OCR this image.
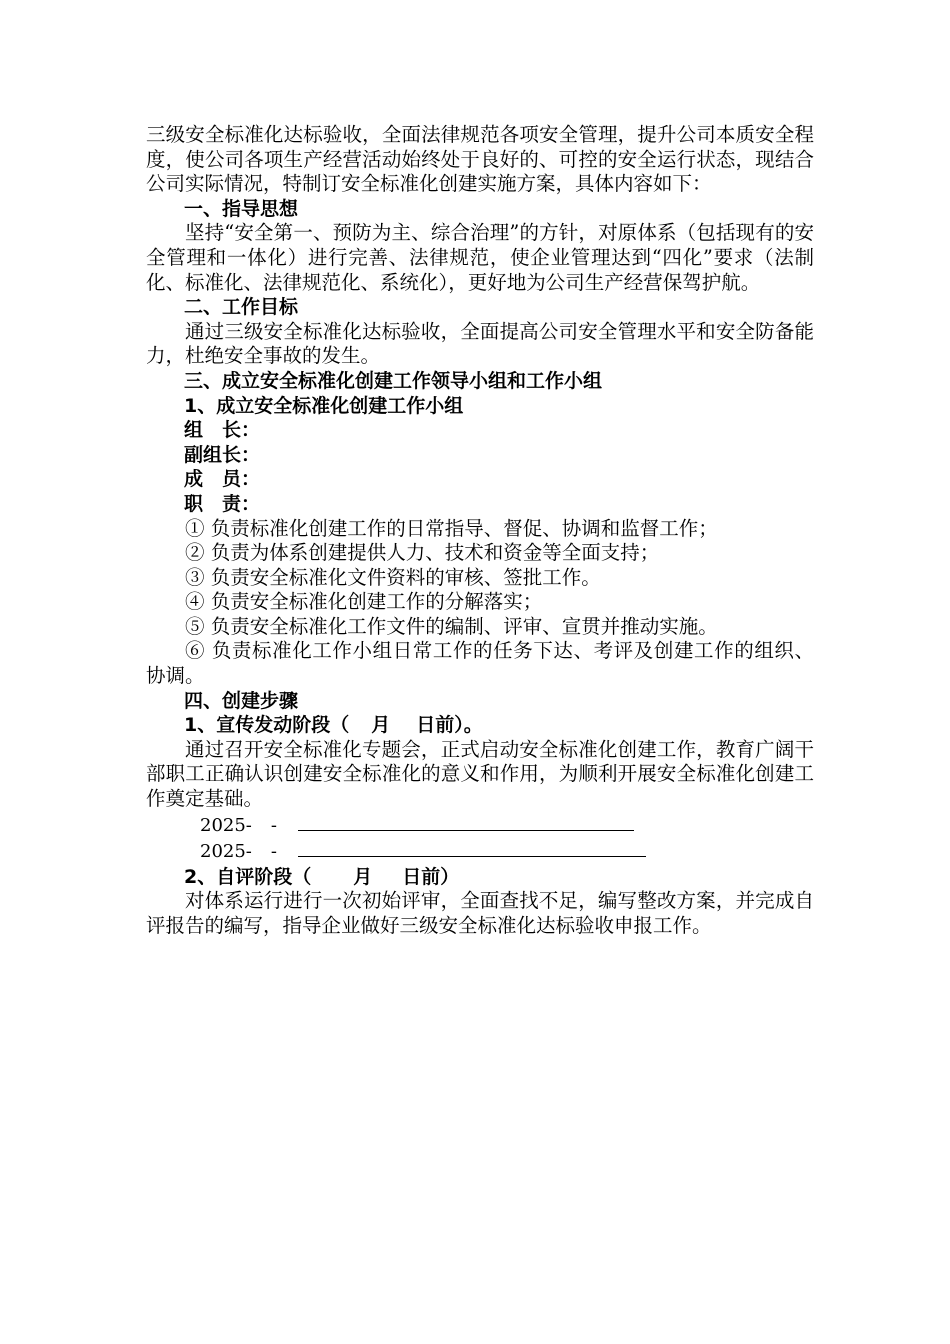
三级安全标准化达标验收，全面法律规范各项安全管理，提升公司本质安全程度，使公司各项生产经营活动始终处于良好的、可控的安全运行状态，现结合公司实际情况，特制订安全标准化创建实施方案，具体内容如下：

一、指导思想

坚持“安全第一、预防为主、综合治理”的方针，对原体系（包括现有的安全管理和一体化）进行完善、法律规范，使企业管理达到“四化”要求（法制化、标准化、法律规范化、系统化），更好地为公司生产经营保驾护航。

二、工作目标

通过三级安全标准化达标验收，全面提高公司安全管理水平和安全防备能力，杜绝安全事故的发生。

三、成立安全标准化创建工作领导小组和工作小组
1、成立安全标准化创建工作小组
组　长：
副组长：
成　员：
职　责：
① 负责标准化创建工作的日常指导、督促、协调和监督工作；
② 负责为体系创建提供人力、技术和资金等全面支持；
③ 负责安全标准化文件资料的审核、签批工作。
④ 负责安全标准化创建工作的分解落实；
⑤ 负责安全标准化工作文件的编制、评审、宣贯并推动实施。

⑥ 负责标准化工作小组日常工作的任务下达、考评及创建工作的组织、协调。

四、创建步骤
1、宣传发动阶段（ 月 日前）。

通过召开安全标准化专题会，正式启动安全标准化创建工作，教育广阔干部职工正确认识创建安全标准化的意义和作用，为顺利开展安全标准化创建工作奠定基础。

2025- -
2025- -
2、自评阶段（ 月 日前）

对体系运行进行一次初始评审，全面查找不足，编写整改方案，并完成自评报告的编写，指导企业做好三级安全标准化达标验收申报工作。
